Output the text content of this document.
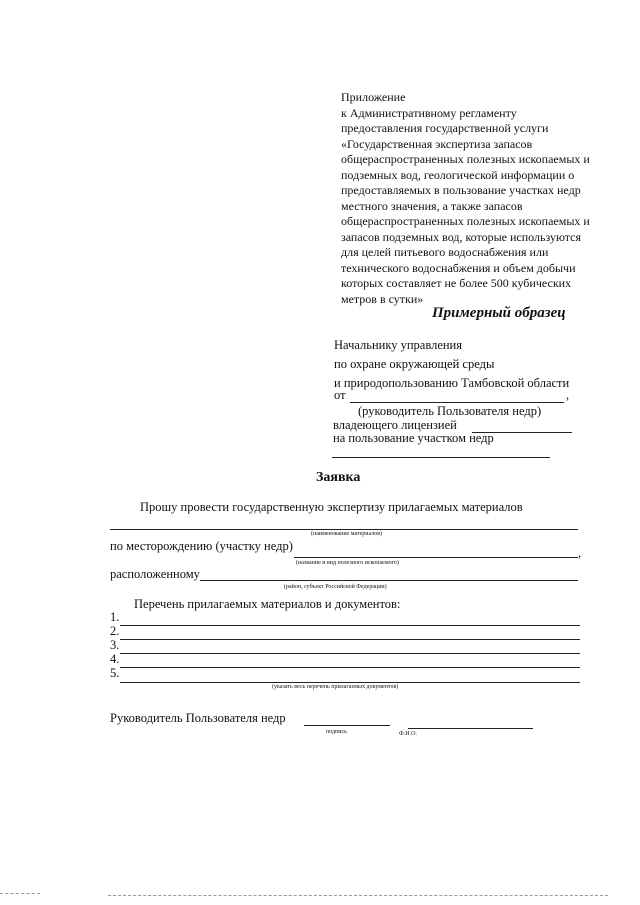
Приложение
к Административному регламенту
предоставления государственной услуги
«Государственная экспертиза запасов
общераспространенных полезных ископаемых и
подземных вод, геологической информации о
предоставляемых в пользование участках недр
местного значения, а также запасов
общераспространенных полезных ископаемых и
запасов подземных вод, которые используются
для целей питьевого водоснабжения или
технического водоснабжения и объем добычи
которых составляет не более 500 кубических
метров в сутки»
Примерный образец
Начальнику управления
по охране окружающей среды
и природопользованию Тамбовской области
от	,
(руководитель Пользователя недр)
владеющего лицензией
на пользование участком недр
Заявка
Прошу провести государственную экспертизу прилагаемых материалов
(наименование материалов)
по месторождению (участку недр)	,
(название и вид полезного ископаемого)
расположенному
(район, субъект Российской Федерации)
Перечень прилагаемых материалов и документов:
1.
2.
3.
4.
5.
(указать весь перечень прилагаемых документов)
Руководитель Пользователя недр
подпись	Ф.И.О.
